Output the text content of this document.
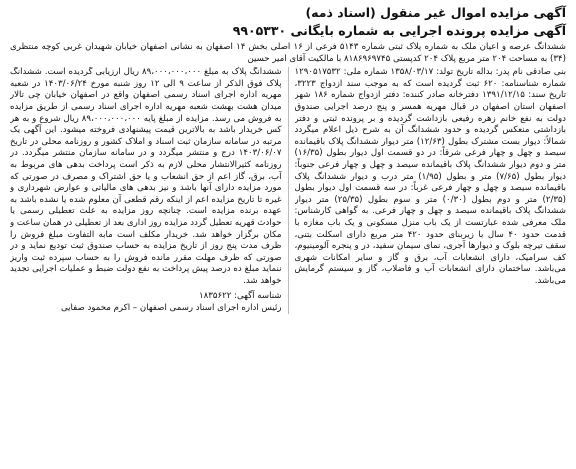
آگهی مزایده اموال غیر منقول (اسناد ذمه)
آگهی مزایده پرونده اجرایی به شماره بایگانی ۹۹۰۵۳۳۰
ششدانگ عرصه و اعیان ملک به شماره پلاک ثبتی شماره ۵۱۴۳ فرعی از ۱۶ اصلی بخش ۱۴ اصفهان به نشانی اصفهان خیابان شهیدان غربی کوچه منتظری (۳۴) به مساحت ۲۰۴ متر مربع پلاک ۲۰۴ کدپستی ۸۱۸۶۹۶۹۷۴۵ با مالکیت آقای امیر حسین

بنی صادقی نام پدر: بداله تاریخ تولد: ۱۳۵۸/۰۳/۱۷ شماره ملی: ۱۲۹۰۵۱۷۵۳۲ شماره شناسنامه: ۶۲۰ ثبت گردیده است که به موجب سند ازدواج ۳۲۲۳، تاریخ سند: ۱۳۹۱/۱۲/۱۵ دفترخانه صادر کننده: دفتر ازدواج شماره ۱۸۶ شهر اصفهان استان اصفهان در قبال مهریه همسر و پنج درصد اجرایی صندوق دولت به نفع خانم زهره رفیعی بازداشت گردیده و بر پرونده ثبتی و دفتر بازداشتی منعکس گردیده و حدود ششدانگ آن به شرح ذیل اعلام میگردد شمالاً: دیوار بست مشترک بطول (۱۲/۶۳) متر دیوار ششدانگ پلاک باقیمانده سیصد و چهل و چهار فرعی شرقاً: در دو قسمت اول دیوار بطول (۱۶/۳۵) متر و دوم دیوار ششدانگ پلاک باقیمانده سیصد و چهل و چهار فرعی جنوباً: دیوار بطول (۷/۶۵) متر و بطول (۱/۹۵) متر درب و دیوار ششدانگ پلاک باقیمانده سیصد و چهل و چهار فرعی غرباً: در سه قسمت اول دیوار بطول (۲/۳۵) متر و دوم بطول (۰/۳۰) متر و سوم بطول (۲۵/۳۵) متر دیوار ششدانگ پلاک باقیمانده سیصد و چهل و چهار فرعی. به گواهی کارشناس: ملک معرفی شده عبارتست از یک باب منزل مسکونی و یک باب مغازه با قدمت حدود ۴۰ سال با زیربنای حدود ۴۲۰ متر مربع دارای اسکلت بتنی، سقف تیرچه بلوک و دیوارها آجری، نمای سیمان سفید، در و پنجره آلومینیوم، کف سرامیک، دارای انشعابات آب، برق و گاز و سایر امکانات شهری می‌باشد. ساختمان دارای انشعابات آب و فاضلاب، گاز و سیستم گرمایش می‌باشد.

ششدانگ پلاک به مبلغ ۸۹،۰۰۰،۰۰۰،۰۰۰ ریال ارزیابی گردیده است. ششدانگ پلاک فوق الذکر از ساعت ۹ الی ۱۲ روز شنبه مورخ ۱۴۰۳/۰۶/۲۴ در شعبه مهریه اداره اجرای اسناد رسمی اصفهان واقع در اصفهان خیابان چی تالار میدان هشت بهشت شعبه مهریه اداره اجرای اسناد رسمی از طریق مزایده به فروش می رسد. مزایده از مبلغ پایه ۸۹،۰۰۰،۰۰۰،۰۰۰ ریال شروع و به هر کس خریدار باشد به بالاترین قیمت پیشنهادی فروخته میشود. این آگهی یک مرتبه در سامانه سازمان ثبت اسناد و املاک کشور و روزنامه محلی در تاریخ ۱۴۰۳/۰۶/۰۷ درج و منتشر میگردد و در سامانه سازمان منتشر میگردد. در روزنامه کثیرالانتشار محلی لازم به ذکر است پرداخت بدهی های مربوط به آب، برق، گاز اعم از حق انشعاب و یا حق اشتراک و مصرف در صورتی که مورد مزایده دارای آنها باشد و نیز بدهی های مالیاتی و عوارض شهرداری و غیره تا تاریخ مزایده اعم از اینکه رقم قطعی آن معلوم شده یا نشده باشد به عهده برنده مزایده است. چنانچه روز مزایده به علت تعطیلی رسمی یا حوادث قهریه تعطیل گردد مزایده روز اداری بعد از تعطیلی در همان ساعت و مکان برگزار خواهد شد. خریدار مکلف است مابه التفاوت مبلغ فروش را ظرف مدت پنج روز از تاریخ مزایده به حساب صندوق ثبت تودیع نماید و در صورتی که ظرف مهلت مقرر مانده فروش را به حساب سپرده ثبت واریز ننماید مبلغ ده درصد پیش پرداخت به نفع دولت ضبط و عملیات اجرایی تجدید خواهد شد.

شناسه آگهی: ۱۸۳۵۶۲۲
رئیس اداره اجرای اسناد رسمی اصفهان – اکرم محمود صفایی
